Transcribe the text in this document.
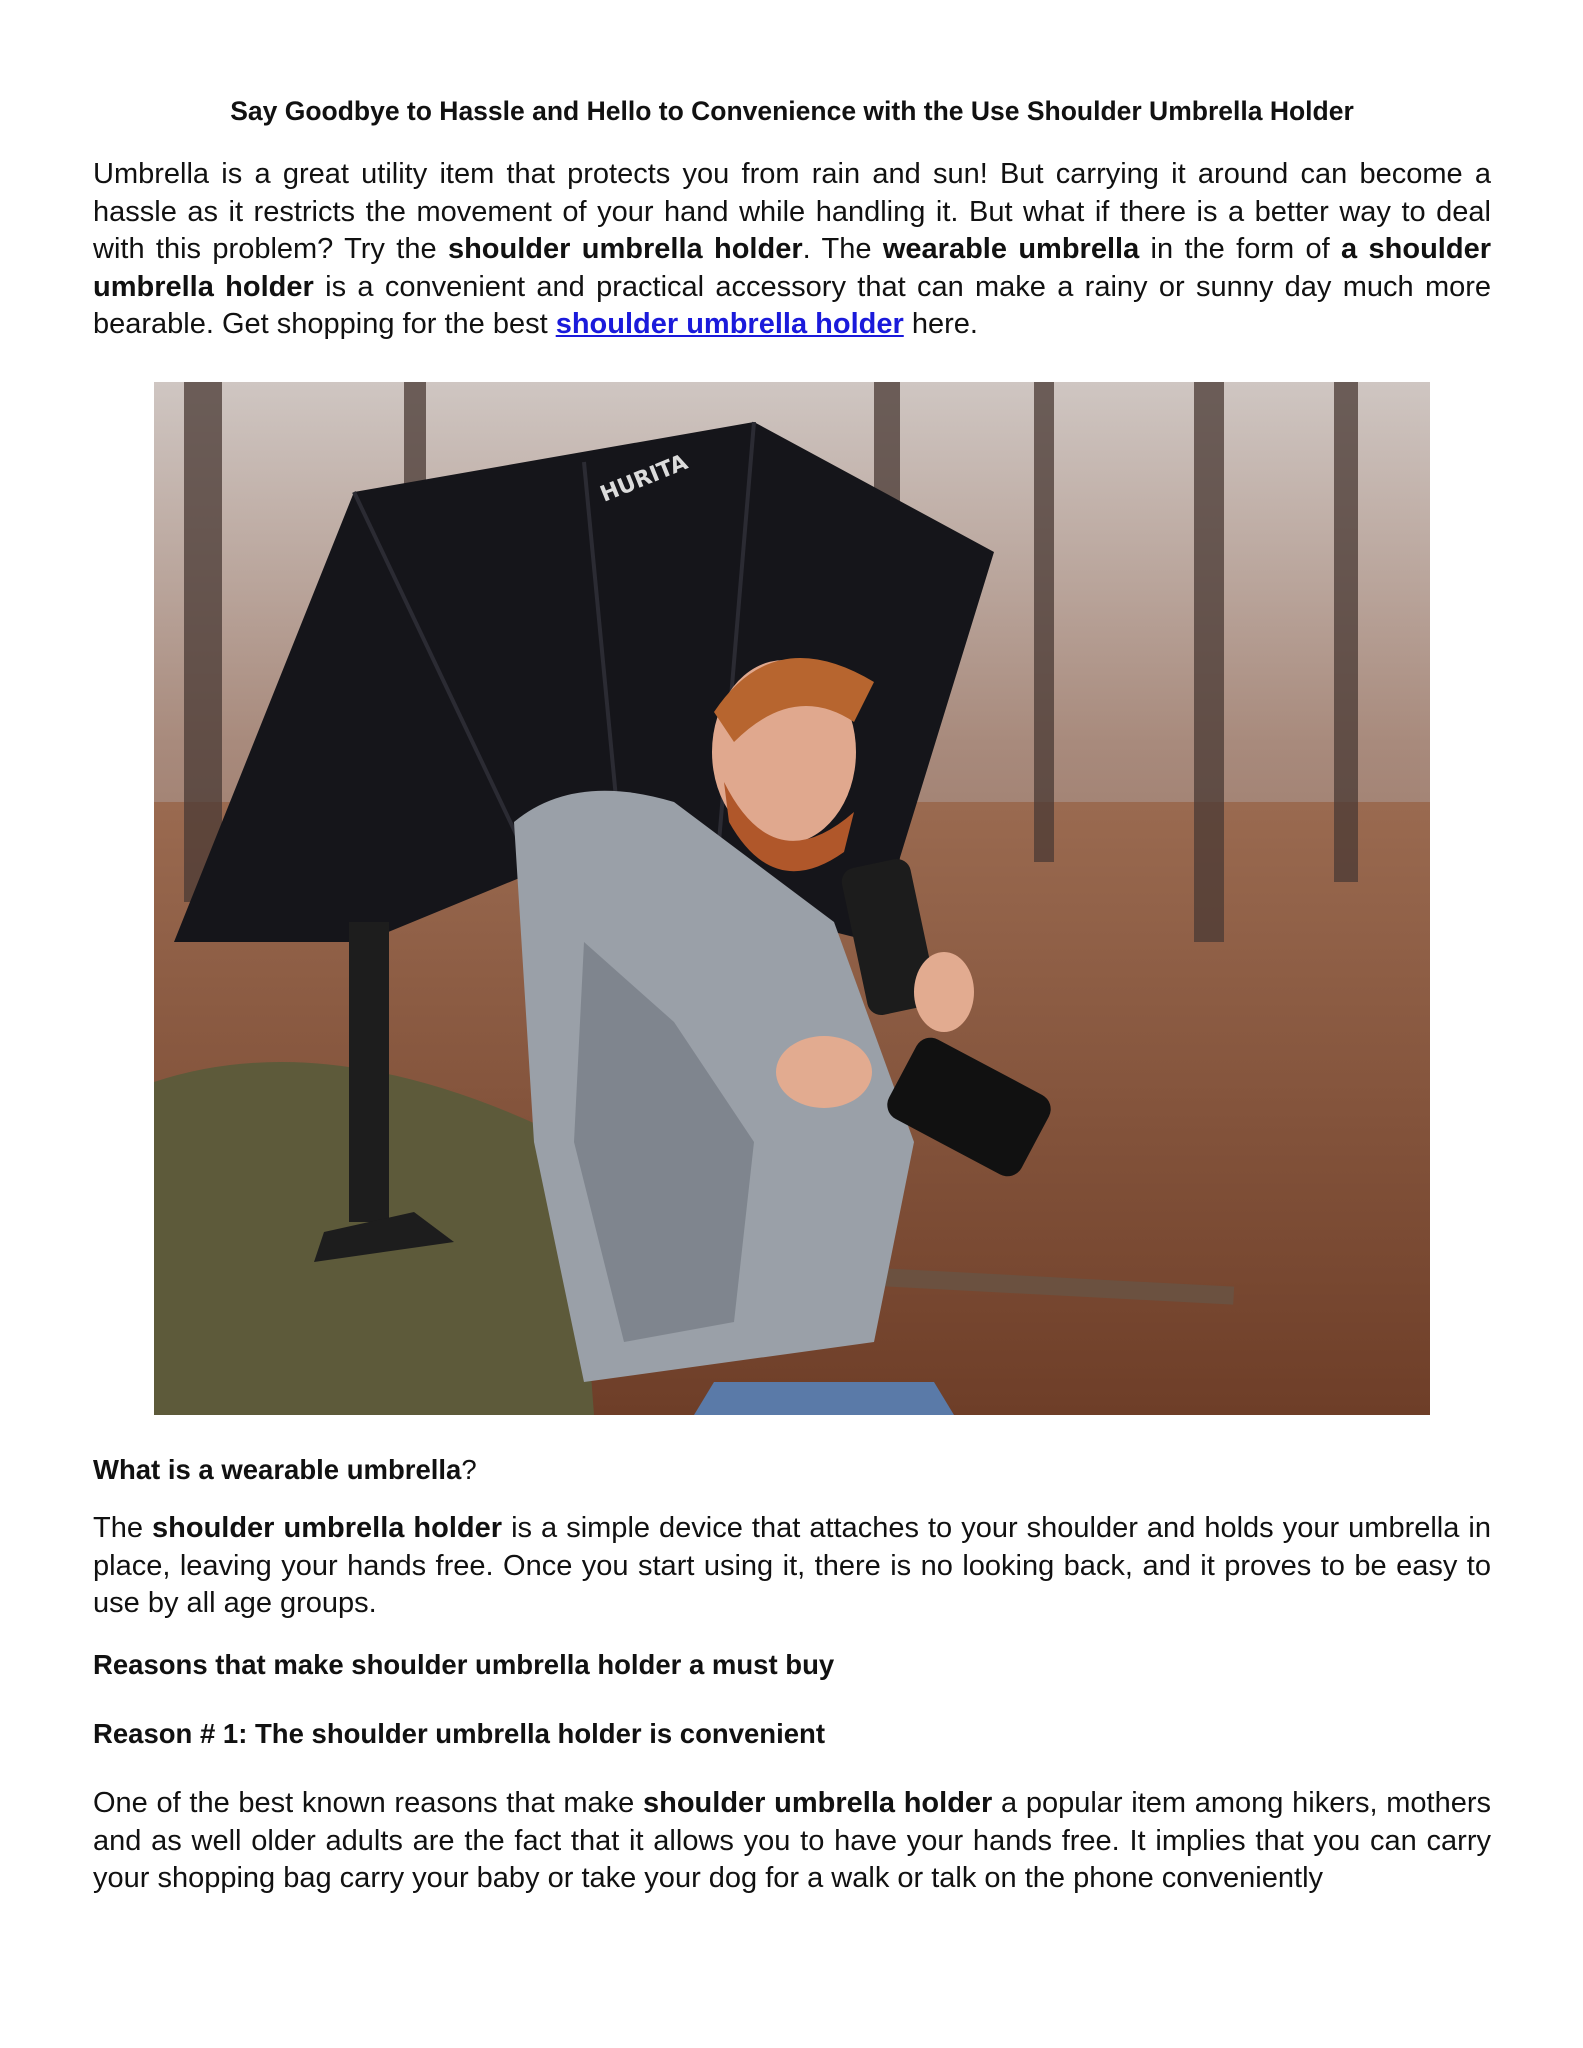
Say Goodbye to Hassle and Hello to Convenience with the Use Shoulder Umbrella Holder

Umbrella is a great utility item that protects you from rain and sun! But carrying it around can become a hassle as it restricts the movement of your hand while handling it. But what if there is a better way to deal with this problem? Try the shoulder umbrella holder. The wearable umbrella in the form of a shoulder umbrella holder is a convenient and practical accessory that can make a rainy or sunny day much more bearable. Get shopping for the best shoulder umbrella holder here.

HURITA

What is a wearable umbrella?

The shoulder umbrella holder is a simple device that attaches to your shoulder and holds your umbrella in place, leaving your hands free. Once you start using it, there is no looking back, and it proves to be easy to use by all age groups.

Reasons that make shoulder umbrella holder a must buy

Reason # 1: The shoulder umbrella holder is convenient

One of the best known reasons that make shoulder umbrella holder a popular item among hikers, mothers and as well older adults are the fact that it allows you to have your hands free. It implies that you can carry your shopping bag carry your baby or take your dog for a walk or talk on the phone conveniently
